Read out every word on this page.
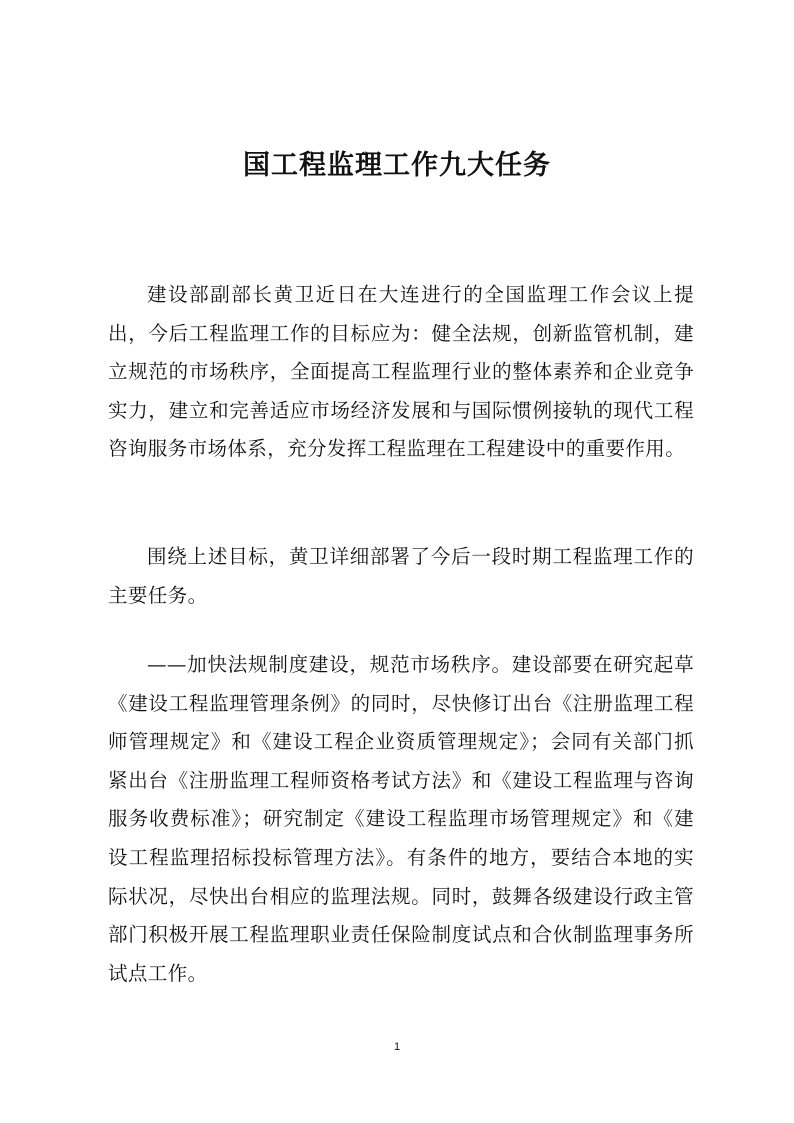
国工程监理工作九大任务

建设部副部长黄卫近日在大连进行的全国监理工作会议上提出，今后工程监理工作的目标应为：健全法规，创新监管机制，建立规范的市场秩序，全面提高工程监理行业的整体素养和企业竞争实力，建立和完善适应市场经济发展和与国际惯例接轨的现代工程咨询服务市场体系，充分发挥工程监理在工程建设中的重要作用。

围绕上述目标，黄卫详细部署了今后一段时期工程监理工作的主要任务。

——加快法规制度建设，规范市场秩序。建设部要在研究起草《建设工程监理管理条例》的同时，尽快修订出台《注册监理工程师管理规定》和《建设工程企业资质管理规定》；会同有关部门抓紧出台《注册监理工程师资格考试方法》和《建设工程监理与咨询服务收费标准》；研究制定《建设工程监理市场管理规定》和《建设工程监理招标投标管理方法》。有条件的地方，要结合本地的实际状况，尽快出台相应的监理法规。同时，鼓舞各级建设行政主管部门积极开展工程监理职业责任保险制度试点和合伙制监理事务所试点工作。

1
